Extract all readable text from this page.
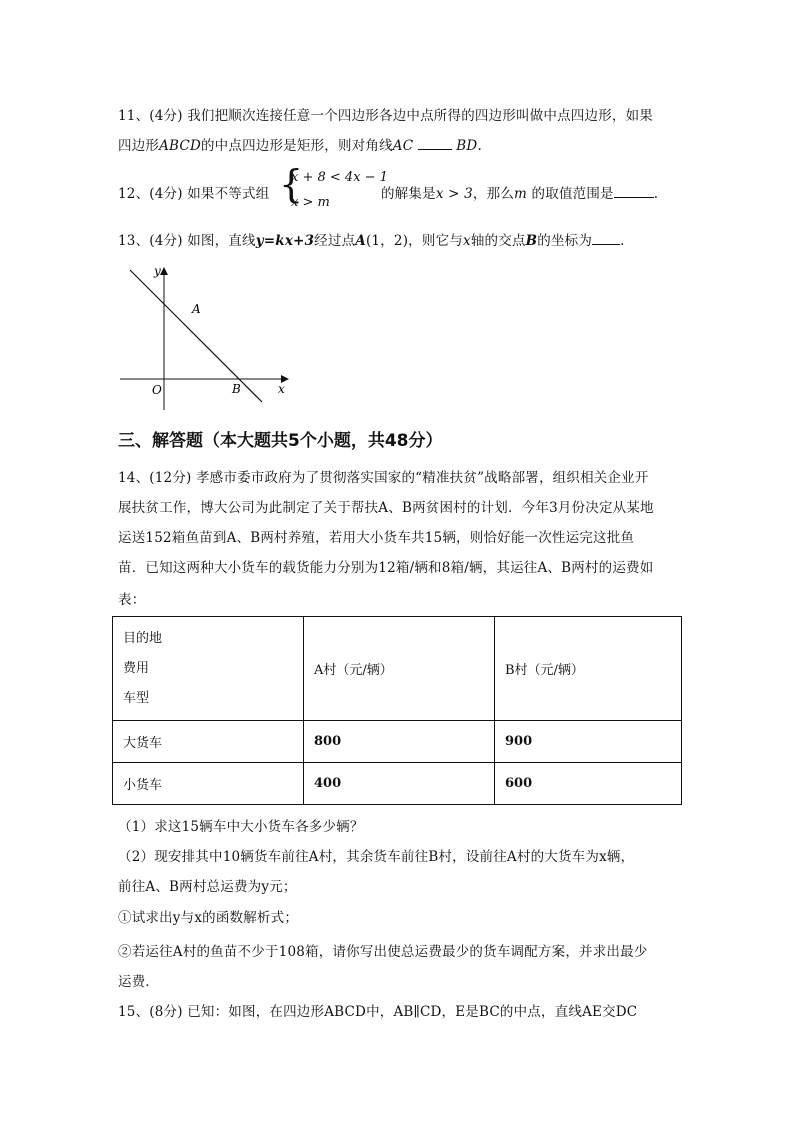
11、(4分) 我们把顺次连接任意一个四边形各边中点所得的四边形叫做中点四边形，如果
四边形ABCD的中点四边形是矩形，则对角线AC	BD.
12、(4分) 如果不等式组 {
x + 8 < 4x − 1
x > m
的解集是x > 3，那么m 的取值范围是	.
13、(4分) 如图，直线y=kx+3经过点A(1，2)，则它与x轴的交点B的坐标为 .
y
x
O
A
B
三、解答题（本大题共5个小题，共48分）
14、(12分) 孝感市委市政府为了贯彻落实国家的“精准扶贫”战略部署，组织相关企业开
展扶贫工作，博大公司为此制定了关于帮扶A、B两贫困村的计划．今年3月份决定从某地
运送152箱鱼苗到A、B两村养殖，若用大小货车共15辆，则恰好能一次性运完这批鱼
苗．已知这两种大小货车的载货能力分别为12箱/辆和8箱/辆，其运往A、B两村的运费如
表：
目的地
费用
车型	A村（元/辆）	B村（元/辆）
大货车	800	900
小货车	400	600
（1）求这15辆车中大小货车各多少辆？
（2）现安排其中10辆货车前往A村，其余货车前往B村，设前往A村的大货车为x辆，
前往A、B两村总运费为y元；
①试求出y与x的函数解析式；
②若运往A村的鱼苗不少于108箱，请你写出使总运费最少的货车调配方案，并求出最少
运费．
15、(8分) 已知：如图，在四边形ABCD中，AB∥CD，E是BC的中点，直线AE交DC
